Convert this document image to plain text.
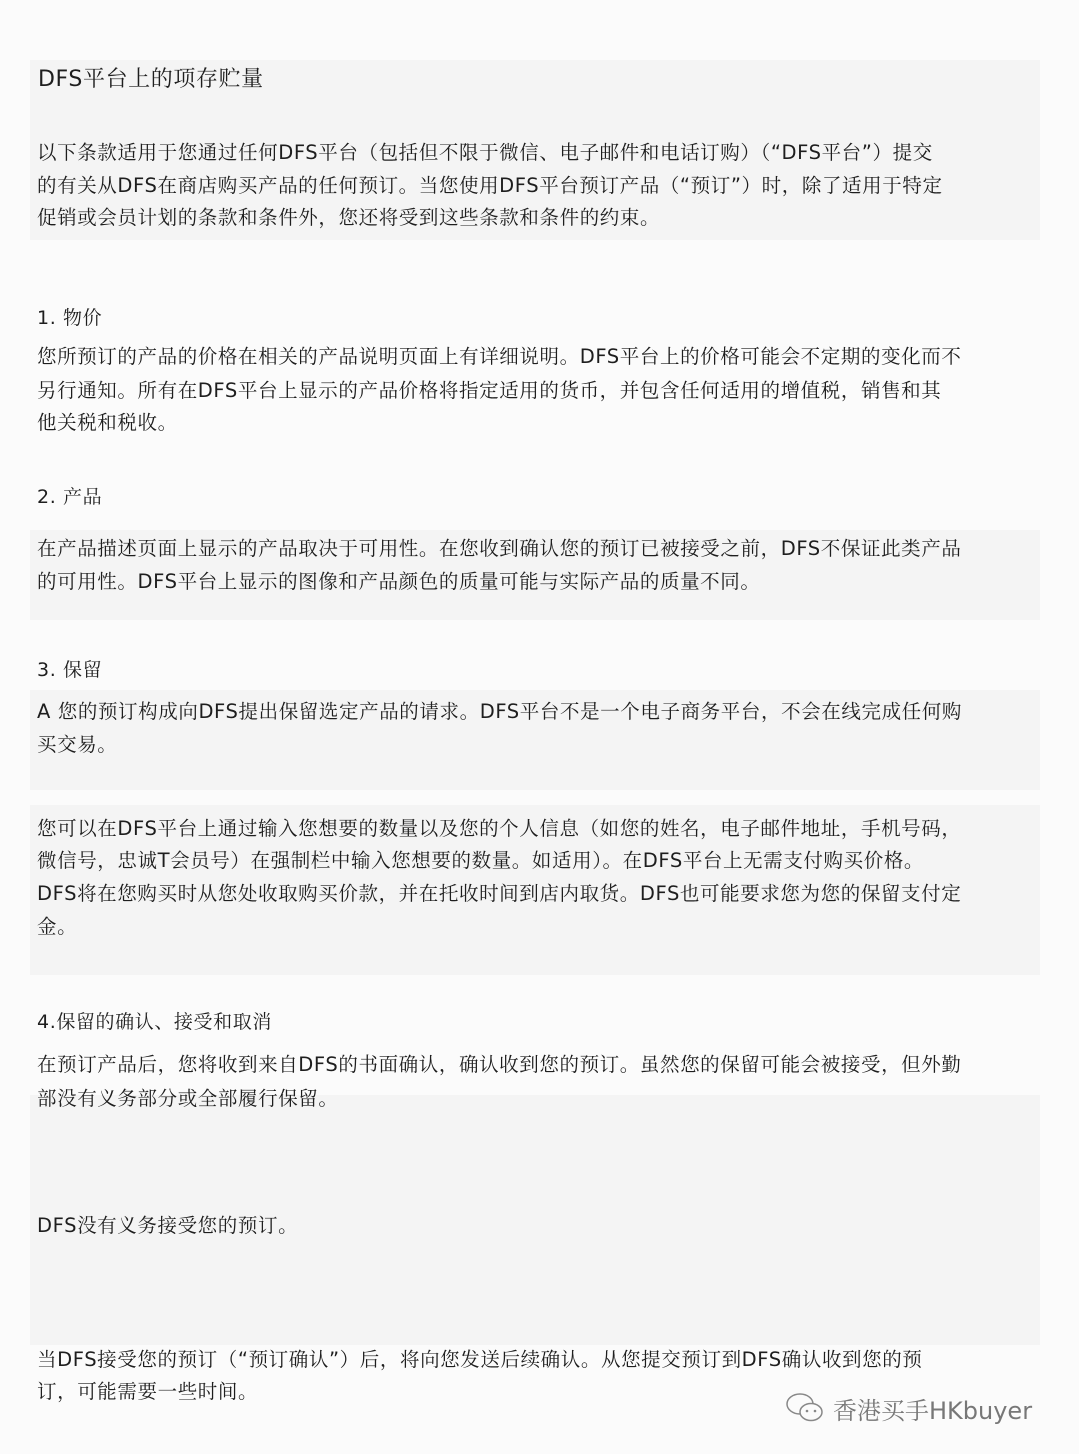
DFS平台上的项存贮量
以下条款适用于您通过任何DFS平台（包括但不限于微信、电子邮件和电话订购）（“DFS平台”）提交
的有关从DFS在商店购买产品的任何预订。当您使用DFS平台预订产品（“预订”）时，除了适用于特定
促销或会员计划的条款和条件外，您还将受到这些条款和条件的约束。
1. 物价
您所预订的产品的价格在相关的产品说明页面上有详细说明。DFS平台上的价格可能会不定期的变化而不
另行通知。所有在DFS平台上显示的产品价格将指定适用的货币，并包含任何适用的增值税，销售和其
他关税和税收。
2. 产品
在产品描述页面上显示的产品取决于可用性。在您收到确认您的预订已被接受之前，DFS不保证此类产品
的可用性。DFS平台上显示的图像和产品颜色的质量可能与实际产品的质量不同。
3. 保留
A 您的预订构成向DFS提出保留选定产品的请求。DFS平台不是一个电子商务平台，不会在线完成任何购
买交易。
您可以在DFS平台上通过输入您想要的数量以及您的个人信息（如您的姓名，电子邮件地址，手机号码，
微信号，忠诚T会员号）在强制栏中输入您想要的数量。如适用）。在DFS平台上无需支付购买价格。
DFS将在您购买时从您处收取购买价款，并在托收时间到店内取货。DFS也可能要求您为您的保留支付定
金。
4.保留的确认、接受和取消
在预订产品后，您将收到来自DFS的书面确认，确认收到您的预订。虽然您的保留可能会被接受，但外勤
部没有义务部分或全部履行保留。
DFS没有义务接受您的预订。
当DFS接受您的预订（“预订确认”）后，将向您发送后续确认。从您提交预订到DFS确认收到您的预
订，可能需要一些时间。
香港买手HKbuyer
